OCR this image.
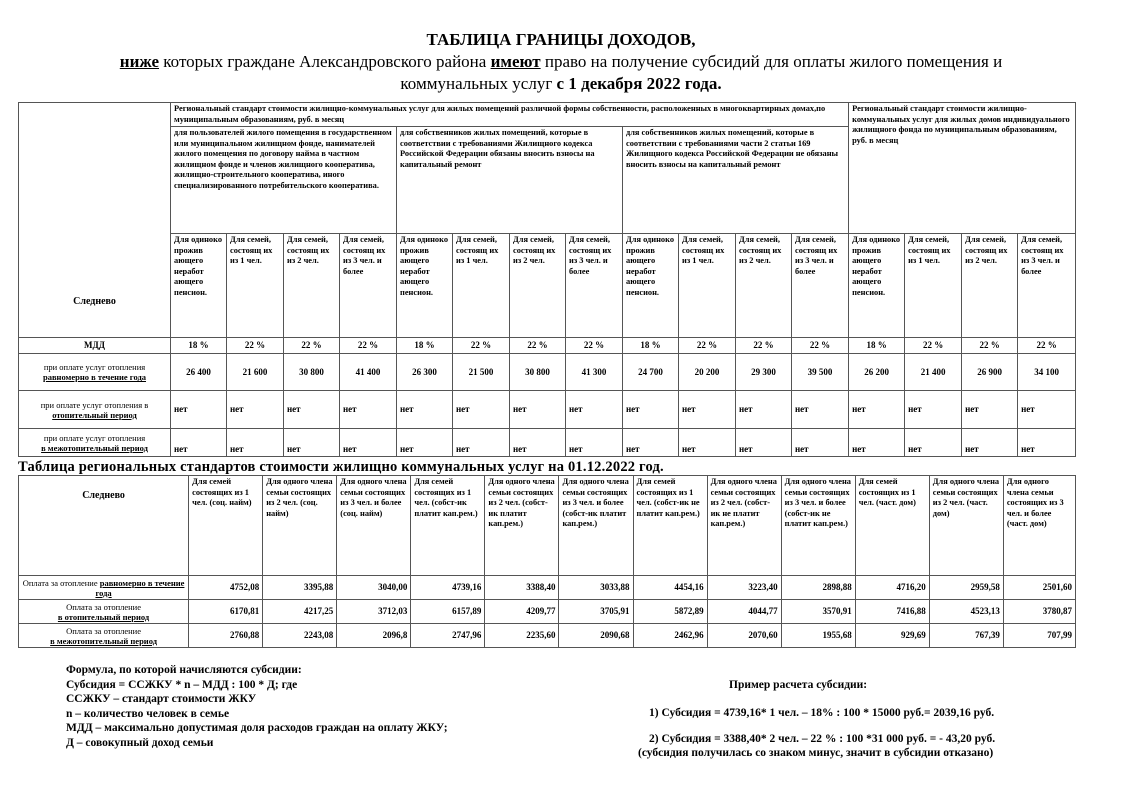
ТАБЛИЦА ГРАНИЦЫ ДОХОДОВ,
ниже которых граждане Александровского района имеют право на получение субсидий для оплаты жилого помещения и
коммунальных услуг с 1 декабря 2022 года.
Следнево	Региональный стандарт стоимости жилищно-коммунальных услуг для жилых помещений различной формы собственности, расположенных в многоквартирных домах,по муниципальным образованиям, руб. в месяц												Региональный стандарт стоимости жилищно-коммунальных услуг для жилых домов индивидуального жилищного фонда по муниципальным образованиям, руб. в месяц			
	для пользователей жилого помещения в государственном или муниципальном жилищном фонде, нанимателей жилого помещения по договору найма в частном жилищном фонде и членов жилищного кооператива, жилищно-строительного кооператива, иного специализированного потребительского кооператива.				для собственников жилых помещений, которые в соответствии с требованиями Жилищного кодекса Российской Федерации обязаны вносить взносы на капитальный ремонт				для собственников жилых помещений, которые в соответствии с требованиями части 2 статьи 169 Жилищного кодекса Российской Федерации не обязаны вносить взносы на капитальный ремонт							
	Для одиноко прожив ающего неработ ающего пенсион.	Для семей, состоящ их из 1 чел.	Для семей, состоящ их из 2 чел.	Для семей, состоящ их из 3 чел. и более	Для одиноко прожив ающего неработ ающего пенсион.	Для семей, состоящ их из 1 чел.	Для семей, состоящ их из 2 чел.	Для семей, состоящ их из 3 чел. и более	Для одиноко прожив ающего неработ ающего пенсион.	Для семей, состоящ их из 1 чел.	Для семей, состоящ их из 2 чел.	Для семей, состоящ их из 3 чел. и более	Для одиноко прожив ающего неработ ающего пенсион.	Для семей, состоящ их из 1 чел.	Для семей, состоящ их из 2 чел.	Для семей, состоящ их из 3 чел. и более
МДД	18 %	22 %	22 %	22 %	18 %	22 %	22 %	22 %	18 %	22 %	22 %	22 %	18 %	22 %	22 %	22 %
при оплате услуг отопления
равномерно в течение года	26 400	21 600	30 800	41 400	26 300	21 500	30 800	41 300	24 700	20 200	29 300	39 500	26 200	21 400	26 900	34 100
при оплате услуг отопления в
отопительный период	нет	нет	нет	нет	нет	нет	нет	нет	нет	нет	нет	нет	нет	нет	нет	нет
при оплате услуг отопления
в межотопительный период	нет	нет	нет	нет	нет	нет	нет	нет	нет	нет	нет	нет	нет	нет	нет	нет
Таблица региональных стандартов стоимости жилищно коммунальных услуг на 01.12.2022 год.
Следнево	Для семей состоящих из 1 чел. (соц. найм)	Для одного члена семьи состоящих из 2 чел. (соц. найм)	Для одного члена семьи состоящих из 3 чел. и более (соц. найм)	Для семей состоящих из 1 чел. (собст-ик платит кап.рем.)	Для одного члена семьи состоящих из 2 чел. (собст-ик платит кап.рем.)	Для одного члена семьи состоящих из 3 чел. и более (собст-ик платит кап.рем.)	Для семей состоящих из 1 чел. (собст-ик не платит кап.рем.)	Для одного члена семьи состоящих из 2 чел. (собст-ик не платит кап.рем.)	Для одного члена семьи состоящих из 3 чел. и более (собст-ик не платит кап.рем.)	Для семей состоящих из 1 чел. (част. дом)	Для одного члена семьи состоящих из 2 чел. (част. дом)	Для одного члена семьи состоящих из 3 чел. и более (част. дом)
Оплата за отопление равномерно в течение года	4752,08	3395,88	3040,00	4739,16	3388,40	3033,88	4454,16	3223,40	2898,88	4716,20	2959,58	2501,60
Оплата за отопление
в отопительный период	6170,81	4217,25	3712,03	6157,89	4209,77	3705,91	5872,89	4044,77	3570,91	7416,88	4523,13	3780,87
Оплата за отопление
в межотопительный период	2760,88	2243,08	2096,8	2747,96	2235,60	2090,68	2462,96	2070,60	1955,68	929,69	767,39	707,99
Формула, по которой начисляются субсидии:
Субсидия = ССЖКУ * n – МДД : 100 * Д; где
ССЖКУ – стандарт стоимости ЖКУ
n – количество человек в семье
МДД – максимально допустимая доля расходов граждан на оплату ЖКУ;
Д – совокупный доход семьи
Пример расчета субсидии:
1) Субсидия = 4739,16* 1 чел. – 18% : 100 * 15000 руб.= 2039,16 руб.
2) Субсидия = 3388,40* 2 чел. – 22 % : 100 *31 000 руб. = - 43,20 руб.
(субсидия получилась со знаком минус, значит в субсидии отказано)
